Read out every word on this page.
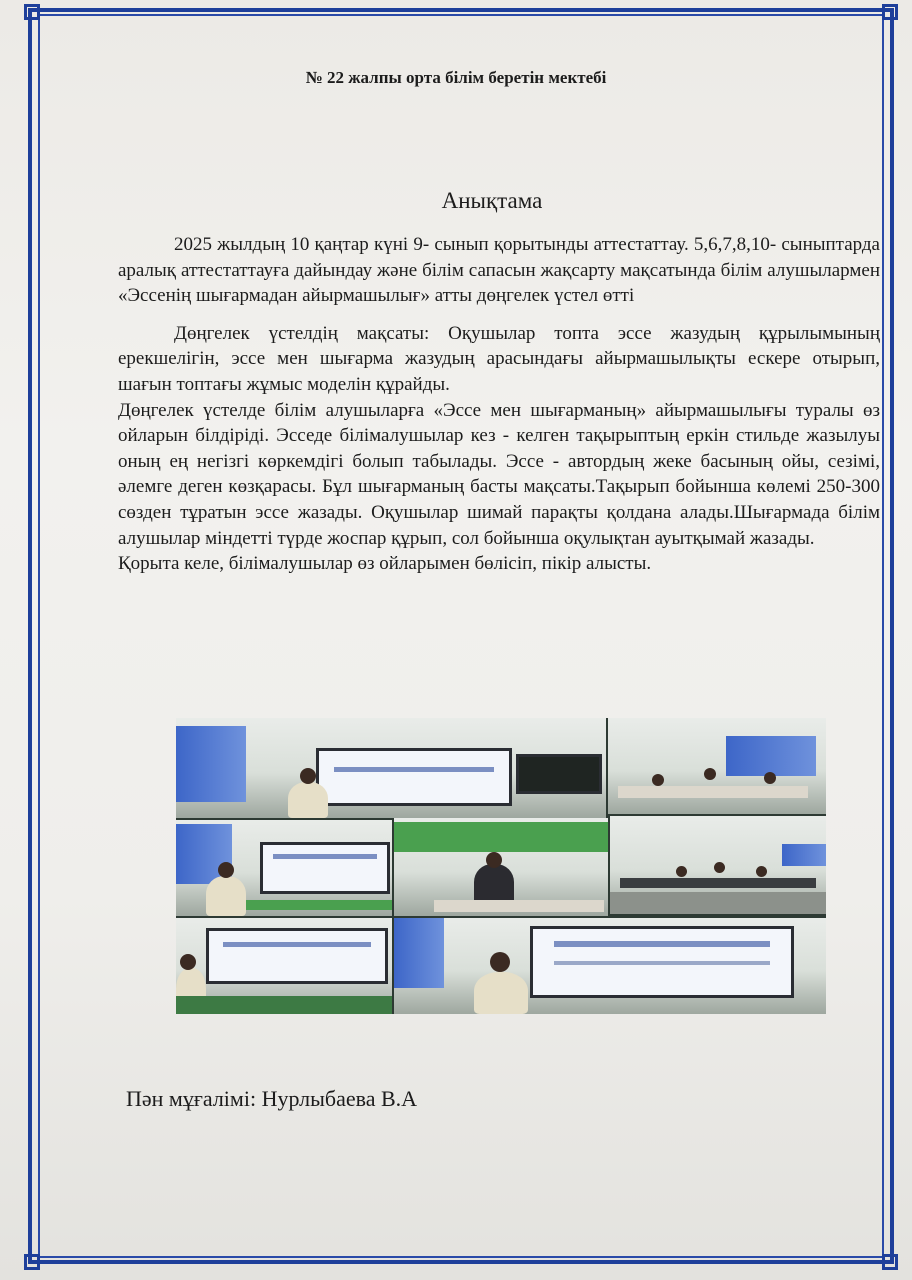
№ 22 жалпы орта білім беретін мектебі
Анықтама

2025 жылдың 10 қаңтар күні 9- сынып қорытынды аттестаттау. 5,6,7,8,10- сыныптарда аралық аттестаттауға дайындау және білім сапасын жақсарту мақсатында білім алушылармен «Эссенің шығармадан айырмашылығ» атты дөңгелек үстел өтті

Дөңгелек үстелдің мақсаты: Оқушылар топта эссе жазудың құрылымының ерекшелігін, эссе мен шығарма жазудың арасындағы айырмашылықты ескере отырып, шағын топтағы жұмыс моделін құрайды.

Дөңгелек үстелде білім алушыларға «Эссе мен шығарманың» айырмашылығы туралы өз ойларын білдіріді. Эсседе білімалушылар кез - келген тақырыптың еркін стильде жазылуы оның ең негізгі көркемдігі болып табылады. Эссе - автордың жеке басының ойы, сезімі, әлемге деген көзқарасы. Бұл шығарманың басты мақсаты.Тақырып бойынша көлемі 250-300 сөзден тұратын эссе жазады. Оқушылар шимай парақты қолдана алады.Шығармада білім алушылар міндетті түрде жоспар құрып, сол бойынша оқулықтан ауытқымай жазады.

Қорыта келе, білімалушылар өз ойларымен бөлісіп, пікір алысты.

Пән мұғалімі: Нурлыбаева В.А
